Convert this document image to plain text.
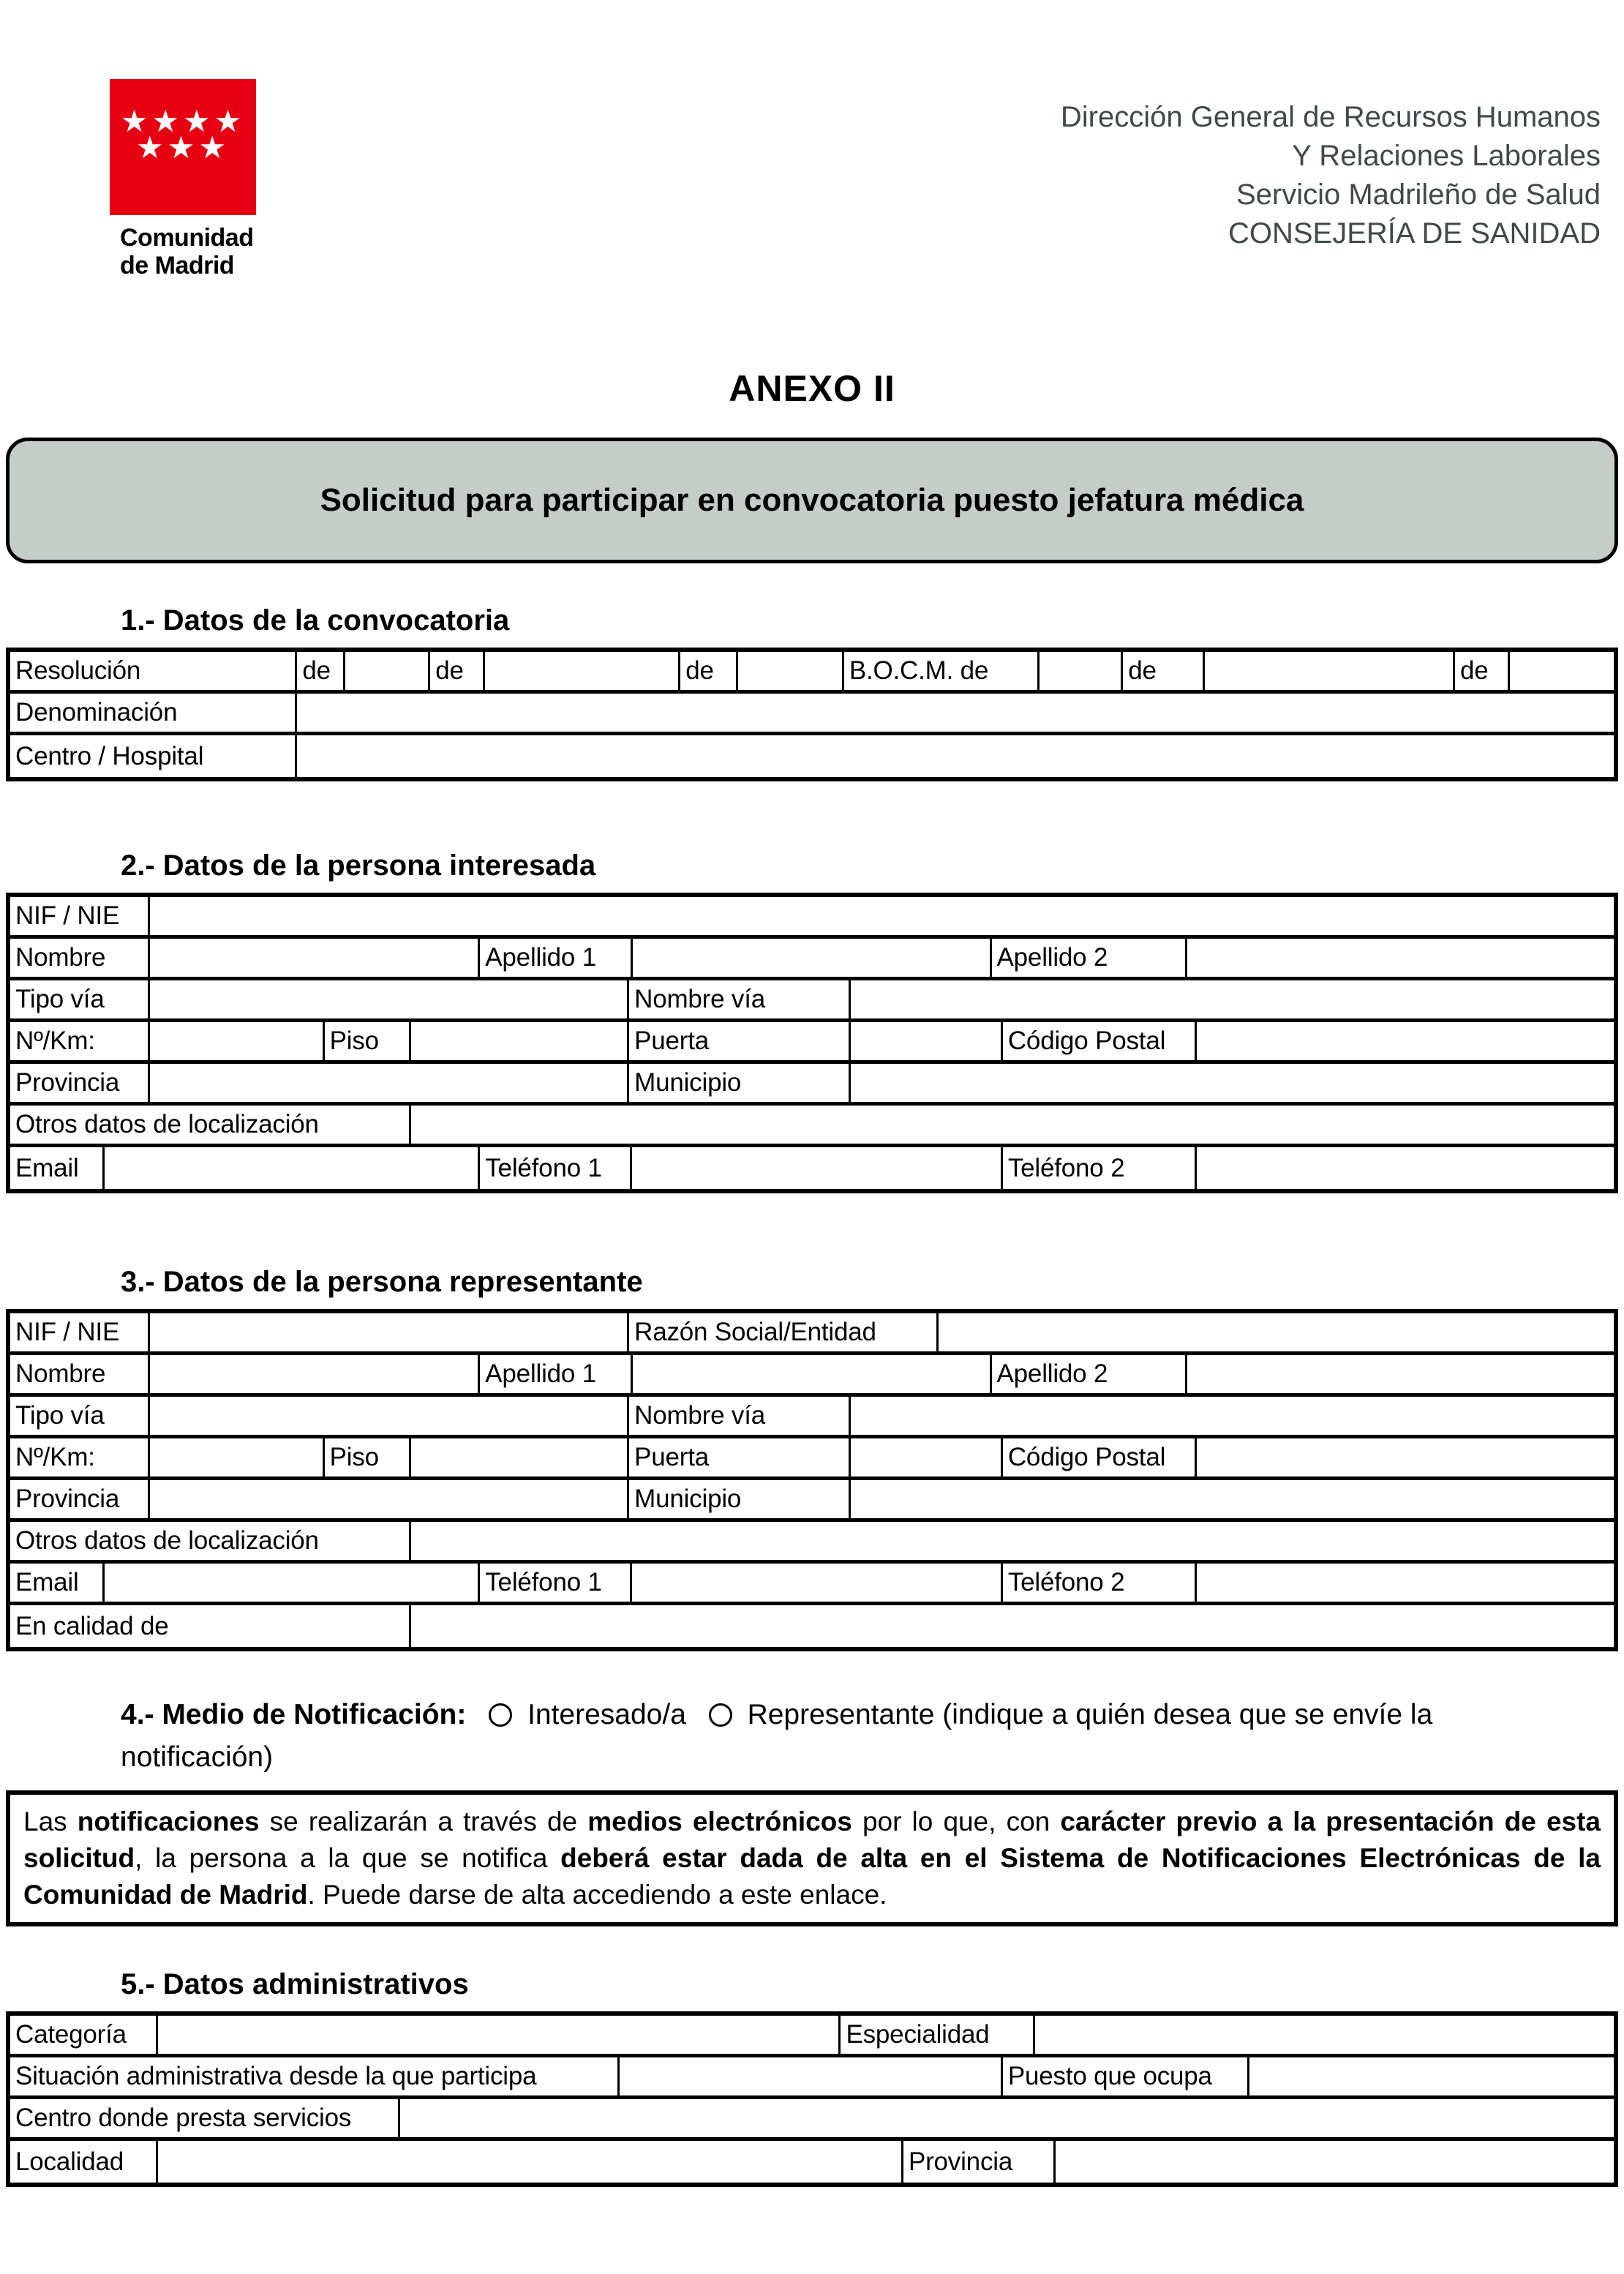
★★★★
★★★
Comunidad
de Madrid
Dirección General de Recursos Humanos
Y Relaciones Laborales
Servicio Madrileño de Salud
CONSEJERÍA DE SANIDAD
ANEXO II
Solicitud para participar en convocatoria puesto jefatura médica
1.- Datos de la convocatoria
Resolución	de	de	de	B.O.C.M. de	de	de
Denominación
Centro / Hospital
2.- Datos de la persona interesada
NIF / NIE
Nombre	Apellido 1	Apellido 2
Tipo vía	Nombre vía
Nº/Km:	Piso	Puerta	Código Postal
Provincia	Municipio
Otros datos de localización
Email	Teléfono 1	Teléfono 2
3.- Datos de la persona representante
NIF / NIE	Razón Social/Entidad
Nombre	Apellido 1	Apellido 2
Tipo vía	Nombre vía
Nº/Km:	Piso	Puerta	Código Postal
Provincia	Municipio
Otros datos de localización
Email	Teléfono 1	Teléfono 2
En calidad de
4.- Medio de Notificación: Interesado/a Representante (indique a quién desea que se envíe la notificación)
Las notificaciones se realizarán a través de medios electrónicos por lo que, con carácter previo a la presentación de esta solicitud, la persona a la que se notifica deberá estar dada de alta en el Sistema de Notificaciones Electrónicas de la Comunidad de Madrid. Puede darse de alta accediendo a este enlace.
5.- Datos administrativos
Categoría	Especialidad
Situación administrativa desde la que participa	Puesto que ocupa
Centro donde presta servicios
Localidad	Provincia
